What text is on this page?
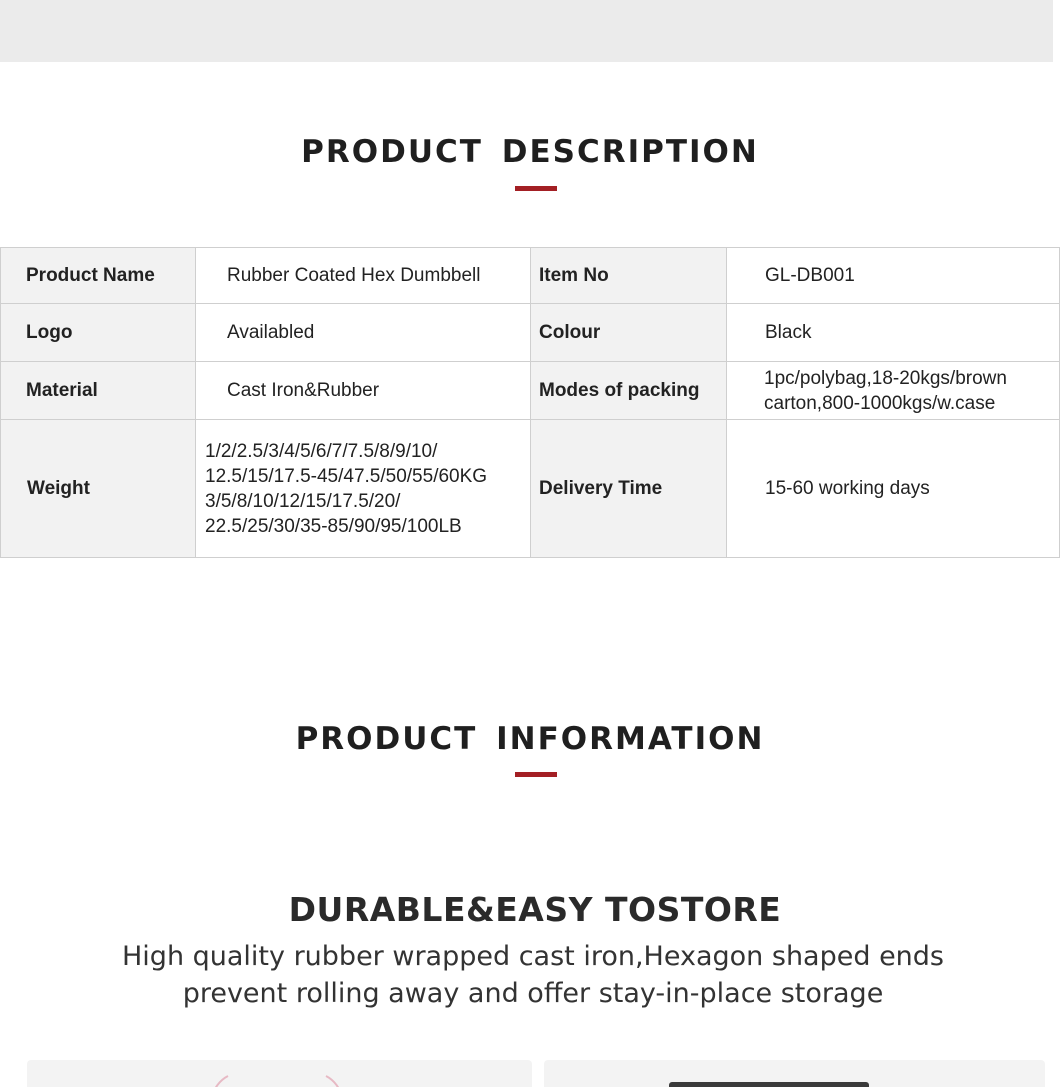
PRODUCT DESCRIPTION
Product Name	Rubber Coated Hex Dumbbell	Item No	GL-DB001
Logo	Availabled	Colour	Black
Material	Cast Iron&Rubber	Modes of packing	1pc/polybag,18-20kgs/brown carton,800-1000kgs/w.case
Weight	1/2/2.5/3/4/5/6/7/7.5/8/9/10/
12.5/15/17.5-45/47.5/50/55/60KG
3/5/8/10/12/15/17.5/20/
22.5/25/30/35-85/90/95/100LB	Delivery Time	15-60 working days
PRODUCT INFORMATION
DURABLE&EASY TOSTORE
High quality rubber wrapped cast iron,Hexagon shaped ends
prevent rolling away and offer stay-in-place storage
